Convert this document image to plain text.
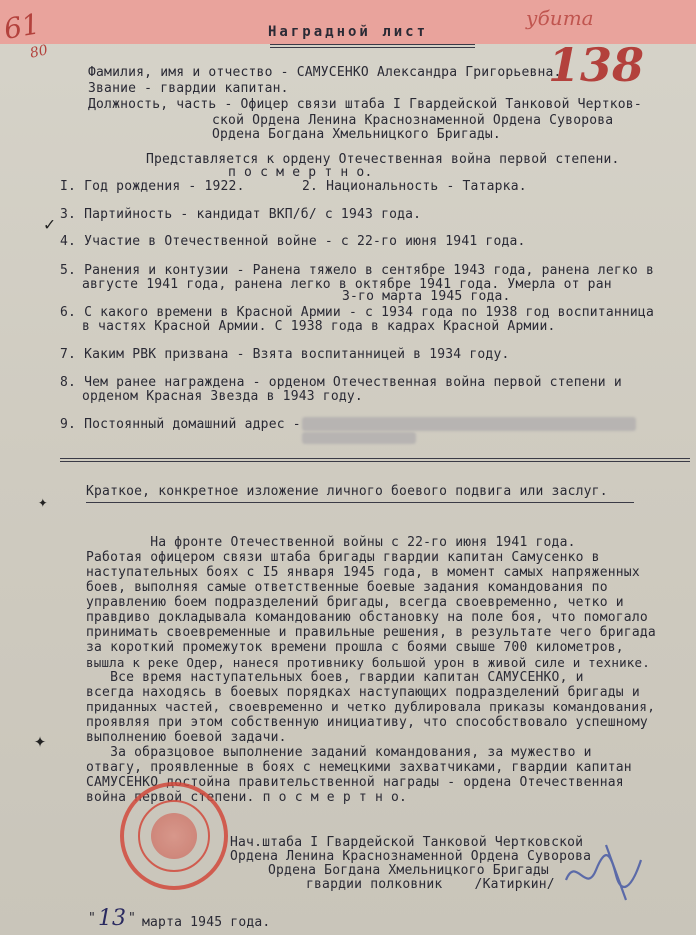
61
80
убита
138
Наградной лист
Фамилия, имя и отчество - САМУСЕНКО Александра Григорьевна.
Звание - гвардии капитан.
Должность, часть - Офицер связи штаба I Гвардейской Танковой Чертков-
ской Ордена Ленина Краснознаменной Ордена Суворова
Ордена Богдана Хмельницкого Бригады.
Представляется к ордену Отечественная война первой степени.
п о с м е р т н о.
I. Год рождения - 1922.	2. Национальность - Татарка.
3. Партийность - кандидат ВКП/б/ с 1943 года.
✓
4. Участие в Отечественной войне - с 22-го июня 1941 года.
5. Ранения и контузии - Ранена тяжело в сентябре 1943 года, ранена легко в
августе 1941 года, ранена легко в октябре 1941 года. Умерла от ран
3-го марта 1945 года.
6. С какого времени в Красной Армии - с 1934 года по 1938 год воспитанница
в частях Красной Армии. С 1938 года в кадрах Красной Армии.
7. Каким РВК призвана - Взята воспитанницей в 1934 году.
8. Чем ранее награждена - орденом Отечественная война первой степени и
орденом Красная Звезда в 1943 году.
9. Постоянный домашний адрес -
✦
Краткое, конкретное изложение личного боевого подвига или заслуг.
На фронте Отечественной войны с 22-го июня 1941 года.
Работая офицером связи штаба бригады гвардии капитан Самусенко в
наступательных боях с I5 января 1945 года, в момент самых напряженных
боев, выполняя самые ответственные боевые задания командования по
управлению боем подразделений бригады, всегда своевременно, четко и
правдиво докладывала командованию обстановку на поле боя, что помогало
принимать своевременные и правильные решения, в результате чего бригада
за короткий промежуток времени прошла с боями свыше 700 километров,
вышла к реке Одер, нанеся противнику большой урон в живой силе и технике.
Все время наступательных боев, гвардии капитан САМУСЕНКО, и
всегда находясь в боевых порядках наступающих подразделений бригады и
приданных частей, своевременно и четко дублировала приказы командования,
проявляя при этом собственную инициативу, что способствовало успешному
выполнению боевой задачи.
За образцовое выполнение заданий командования, за мужество и
отвагу, проявленные в боях с немецкими захватчиками, гвардии капитан
САМУСЕНКО достойна правительственной награды - ордена Отечественная
война первой степени. п о с м е р т н о.
✦
Нач.штаба I Гвардейской Танковой Чертковской
Ордена Ленина Краснознаменной Ордена Суворова
Ордена Богдана Хмельницкого Бригады
гвардии полковник    /Катиркин/
" 13 " марта 1945 года.
